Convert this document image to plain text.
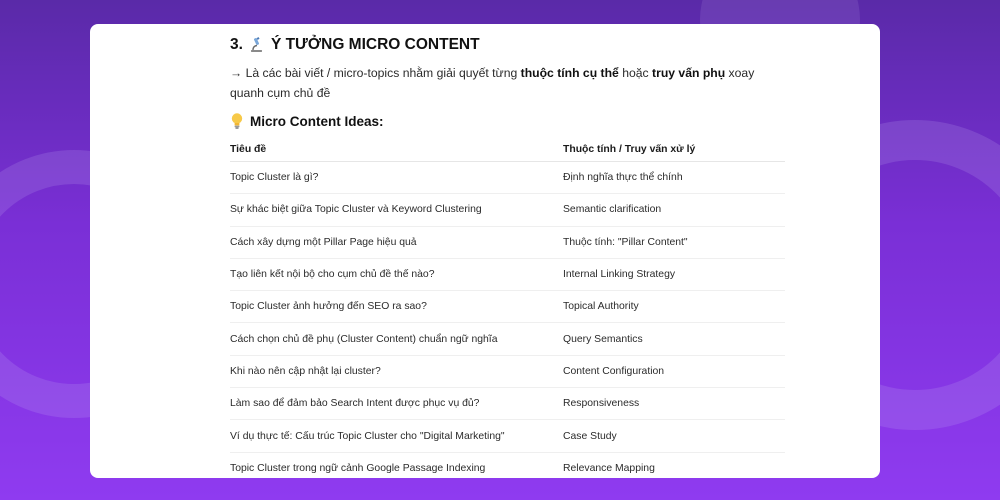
3. Ý TƯỞNG MICRO CONTENT

→ Là các bài viết / micro-topics nhằm giải quyết từng thuộc tính cụ thể hoặc truy vấn phụ xoay quanh cụm chủ đề

Micro Content Ideas:
Tiêu đề	Thuộc tính / Truy vấn xử lý
Topic Cluster là gì?	Định nghĩa thực thể chính
Sự khác biệt giữa Topic Cluster và Keyword Clustering	Semantic clarification
Cách xây dựng một Pillar Page hiệu quả	Thuộc tính: "Pillar Content"
Tạo liên kết nội bộ cho cụm chủ đề thế nào?	Internal Linking Strategy
Topic Cluster ảnh hưởng đến SEO ra sao?	Topical Authority
Cách chọn chủ đề phụ (Cluster Content) chuẩn ngữ nghĩa	Query Semantics
Khi nào nên cập nhật lại cluster?	Content Configuration
Làm sao để đảm bảo Search Intent được phục vụ đủ?	Responsiveness
Ví dụ thực tế: Cấu trúc Topic Cluster cho "Digital Marketing"	Case Study
Topic Cluster trong ngữ cảnh Google Passage Indexing	Relevance Mapping
